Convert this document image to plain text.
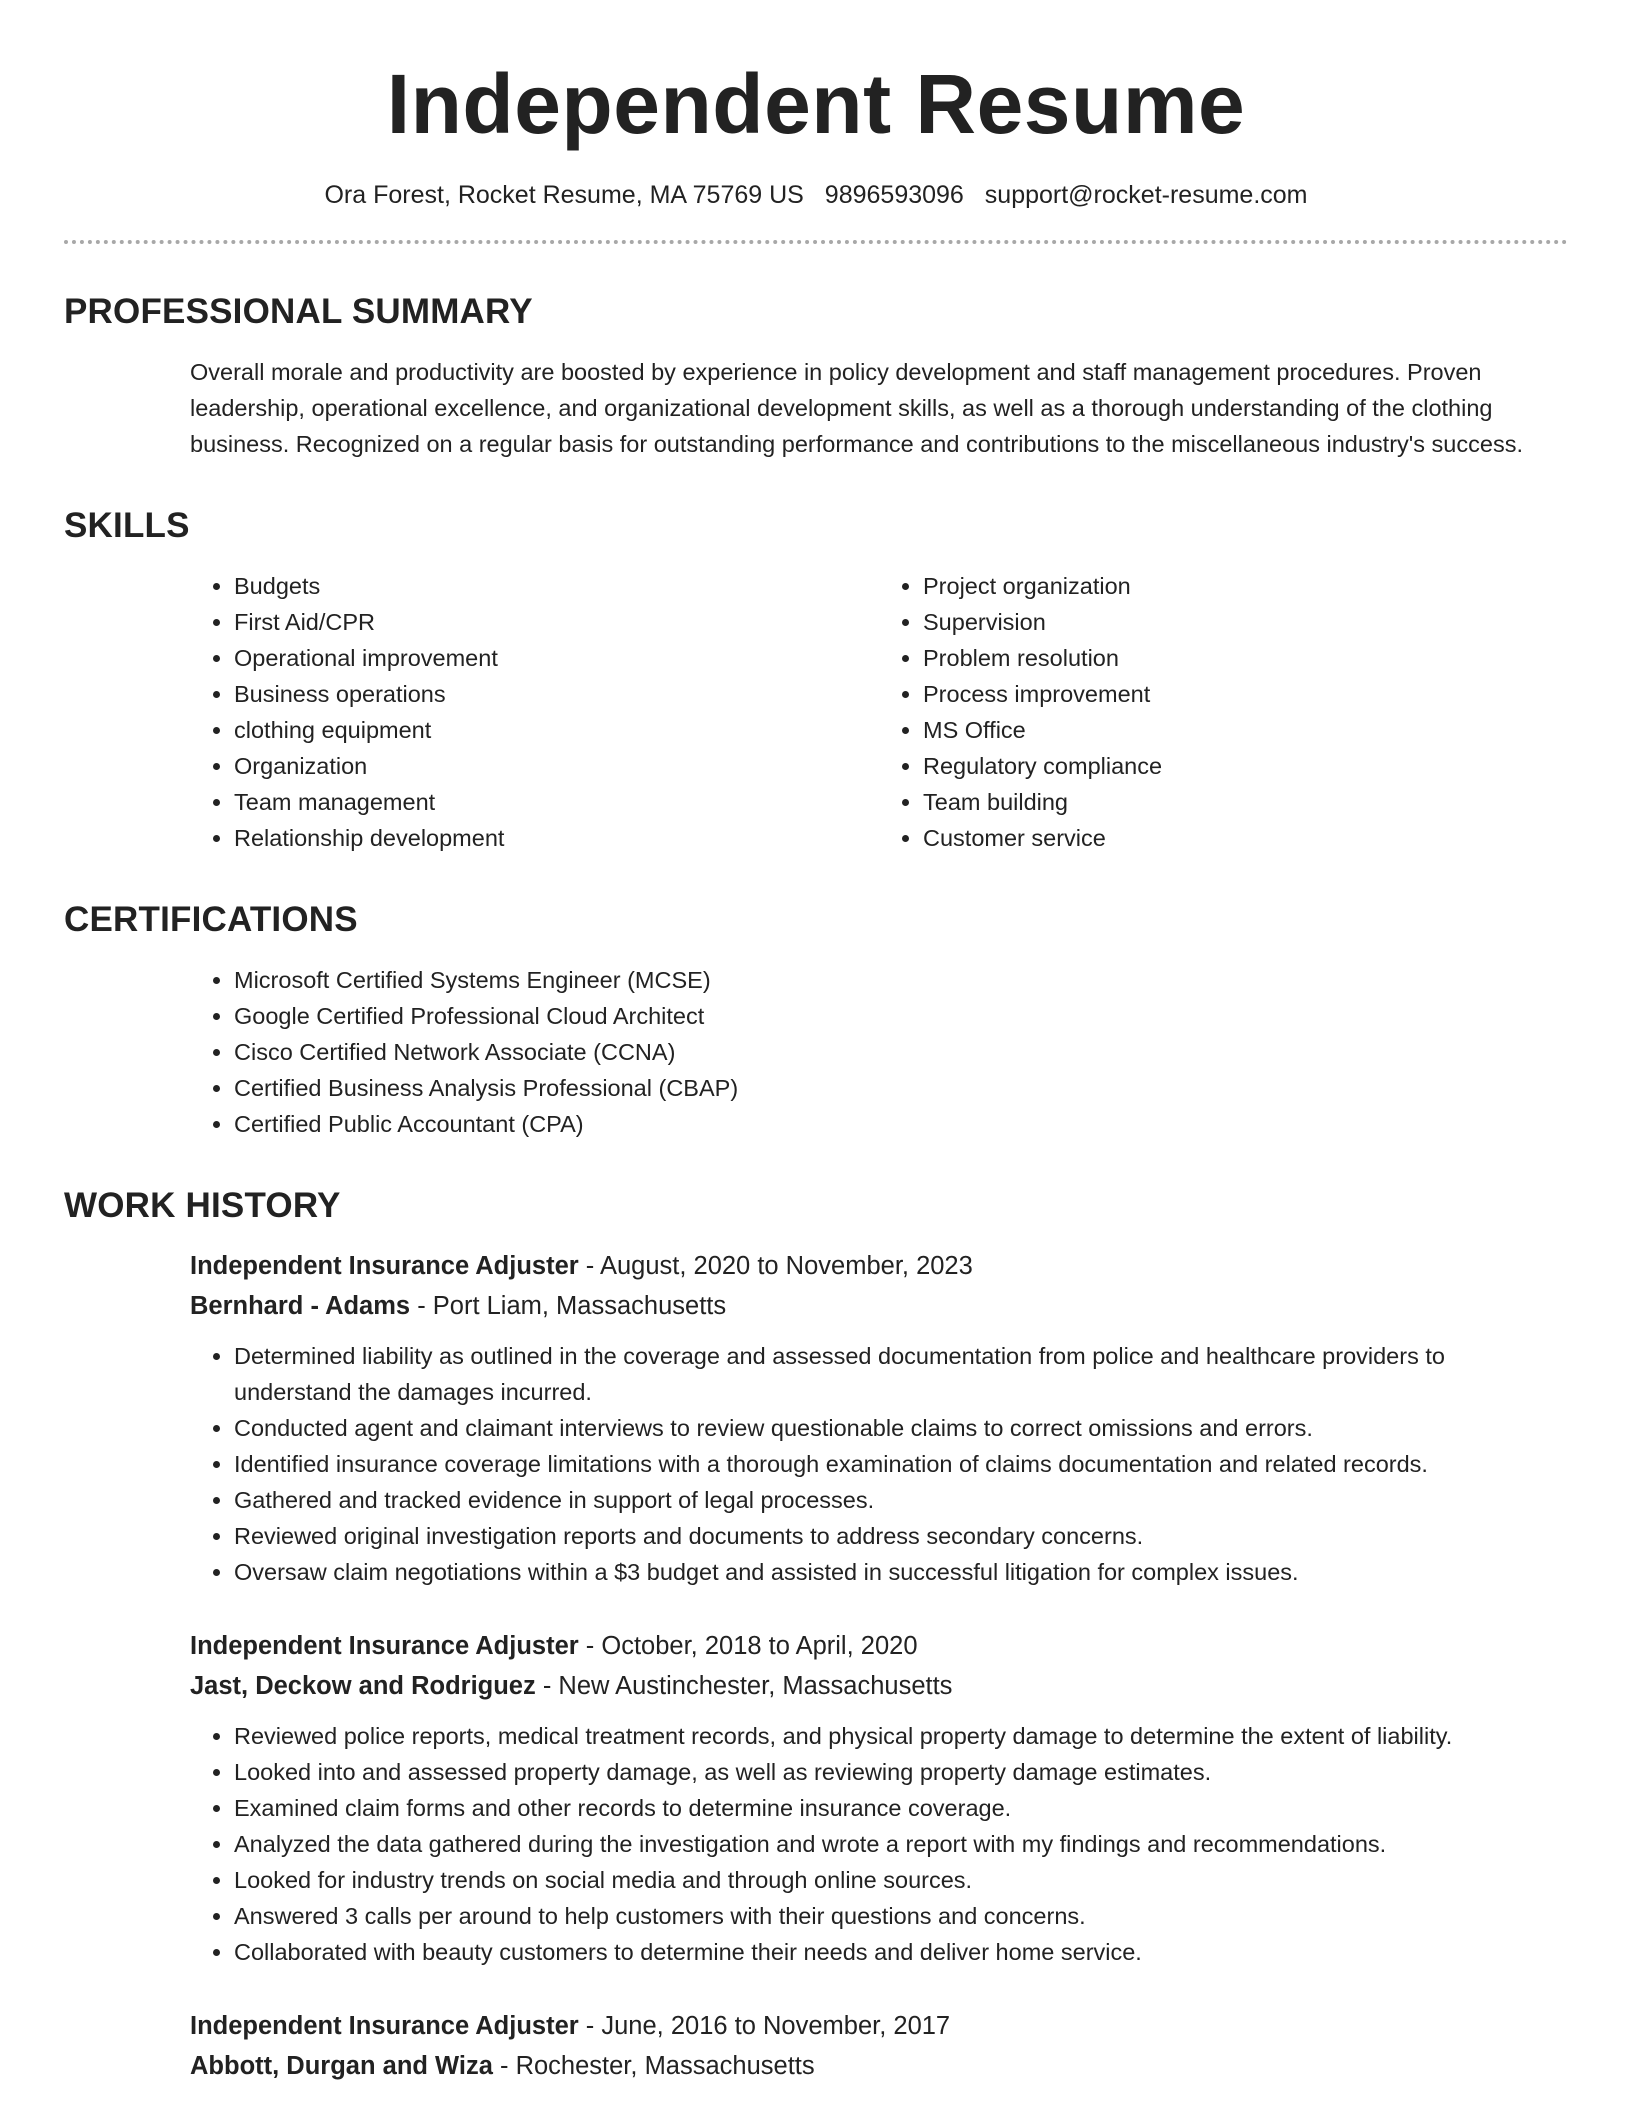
Independent Resume
Ora Forest, Rocket Resume, MA 75769 US 9896593096 support@rocket-resume.com
PROFESSIONAL SUMMARY
Overall morale and productivity are boosted by experience in policy development and staff management procedures. Proven leadership, operational excellence, and organizational development skills, as well as a thorough understanding of the clothing business. Recognized on a regular basis for outstanding performance and contributions to the miscellaneous industry's success.
SKILLS
• Budgets
• First Aid/CPR
• Operational improvement
• Business operations
• clothing equipment
• Organization
• Team management
• Relationship development
• Project organization
• Supervision
• Problem resolution
• Process improvement
• MS Office
• Regulatory compliance
• Team building
• Customer service
CERTIFICATIONS
• Microsoft Certified Systems Engineer (MCSE)
• Google Certified Professional Cloud Architect
• Cisco Certified Network Associate (CCNA)
• Certified Business Analysis Professional (CBAP)
• Certified Public Accountant (CPA)
WORK HISTORY
Independent Insurance Adjuster - August, 2020 to November, 2023
Bernhard - Adams - Port Liam, Massachusetts
• Determined liability as outlined in the coverage and assessed documentation from police and healthcare providers to understand the damages incurred.
• Conducted agent and claimant interviews to review questionable claims to correct omissions and errors.
• Identified insurance coverage limitations with a thorough examination of claims documentation and related records.
• Gathered and tracked evidence in support of legal processes.
• Reviewed original investigation reports and documents to address secondary concerns.
• Oversaw claim negotiations within a $3 budget and assisted in successful litigation for complex issues.
Independent Insurance Adjuster - October, 2018 to April, 2020
Jast, Deckow and Rodriguez - New Austinchester, Massachusetts
• Reviewed police reports, medical treatment records, and physical property damage to determine the extent of liability.
• Looked into and assessed property damage, as well as reviewing property damage estimates.
• Examined claim forms and other records to determine insurance coverage.
• Analyzed the data gathered during the investigation and wrote a report with my findings and recommendations.
• Looked for industry trends on social media and through online sources.
• Answered 3 calls per around to help customers with their questions and concerns.
• Collaborated with beauty customers to determine their needs and deliver home service.
Independent Insurance Adjuster - June, 2016 to November, 2017
Abbott, Durgan and Wiza - Rochester, Massachusetts
